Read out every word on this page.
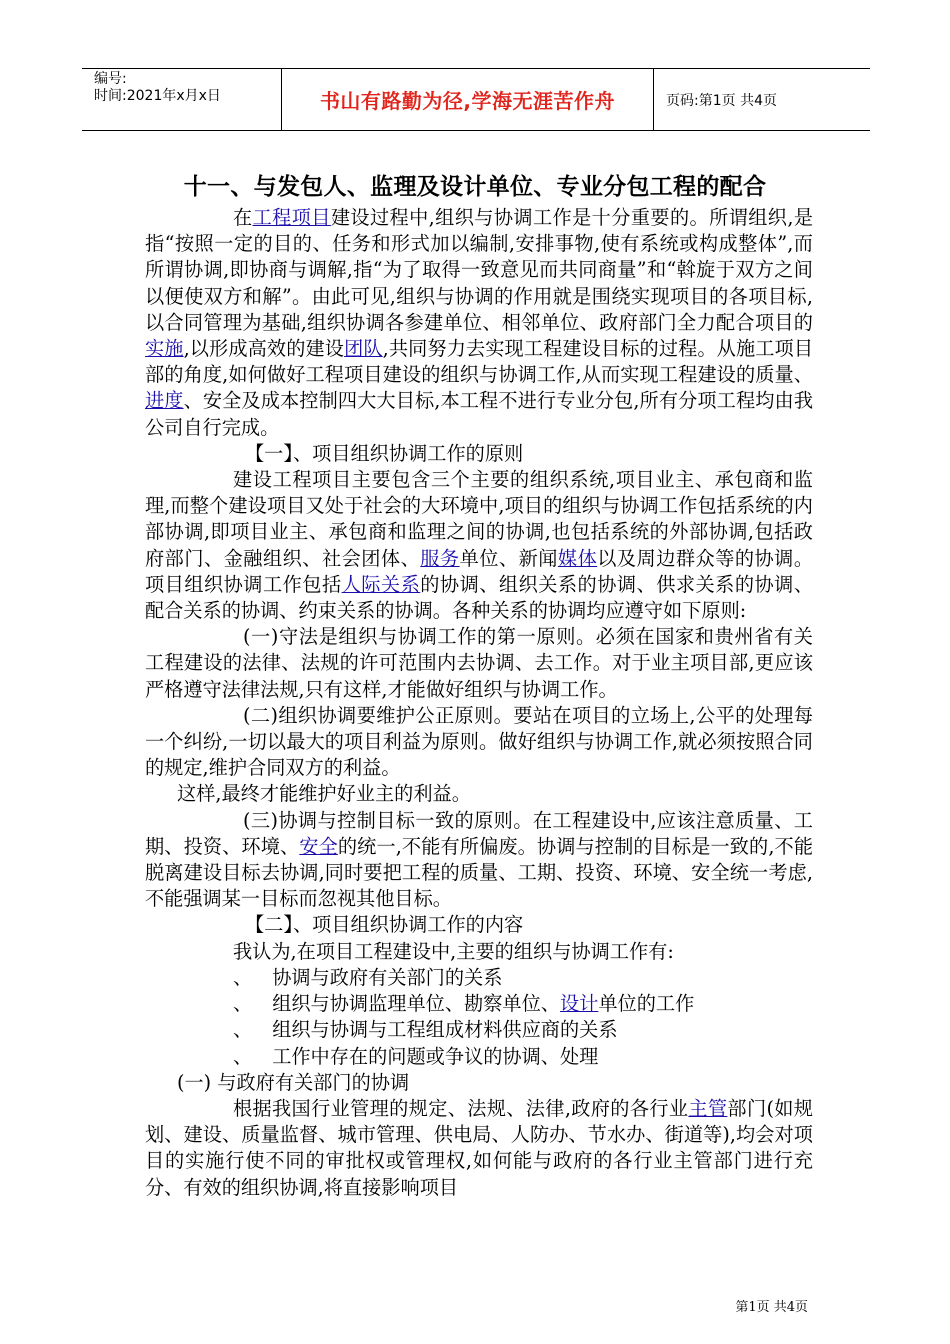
编号:
时间:2021年x月x日	书山有路勤为径,学海无涯苦作舟	页码:第1页 共4页
十一、与发包人、监理及设计单位、专业分包工程的配合

在工程项目建设过程中,组织与协调工作是十分重要的。所谓组织,是指“按照一定的目的、任务和形式加以编制,安排事物,使有系统或构成整体”,而所谓协调,即协商与调解,指“为了取得一致意见而共同商量”和“斡旋于双方之间以便使双方和解”。由此可见,组织与协调的作用就是围绕实现项目的各项目标,以合同管理为基础,组织协调各参建单位、相邻单位、政府部门全力配合项目的实施,以形成高效的建设团队,共同努力去实现工程建设目标的过程。从施工项目部的角度,如何做好工程项目建设的组织与协调工作,从而实现工程建设的质量、进度、安全及成本控制四大大目标,本工程不进行专业分包,所有分项工程均由我公司自行完成。

【一】、项目组织协调工作的原则

建设工程项目主要包含三个主要的组织系统,项目业主、承包商和监理,而整个建设项目又处于社会的大环境中,项目的组织与协调工作包括系统的内部协调,即项目业主、承包商和监理之间的协调,也包括系统的外部协调,包括政府部门、金融组织、社会团体、服务单位、新闻媒体以及周边群众等的协调。项目组织协调工作包括人际关系的协调、组织关系的协调、供求关系的协调、配合关系的协调、约束关系的协调。各种关系的协调均应遵守如下原则:

(一)守法是组织与协调工作的第一原则。必须在国家和贵州省有关工程建设的法律、法规的许可范围内去协调、去工作。对于业主项目部,更应该严格遵守法律法规,只有这样,才能做好组织与协调工作。

(二)组织协调要维护公正原则。要站在项目的立场上,公平的处理每一个纠纷,一切以最大的项目利益为原则。做好组织与协调工作,就必须按照合同的规定,维护合同双方的利益。

这样,最终才能维护好业主的利益。

(三)协调与控制目标一致的原则。在工程建设中,应该注意质量、工期、投资、环境、安全的统一,不能有所偏废。协调与控制的目标是一致的,不能脱离建设目标去协调,同时要把工程的质量、工期、投资、环境、安全统一考虑,不能强调某一目标而忽视其他目标。

【二】、项目组织协调工作的内容

我认为,在项目工程建设中,主要的组织与协调工作有:

、 协调与政府有关部门的关系

、 组织与协调监理单位、勘察单位、设计单位的工作

、 组织与协调与工程组成材料供应商的关系

、 工作中存在的问题或争议的协调、处理

(一) 与政府有关部门的协调

根据我国行业管理的规定、法规、法律,政府的各行业主管部门(如规划、建设、质量监督、城市管理、供电局、人防办、节水办、街道等),均会对项目的实施行使不同的审批权或管理权,如何能与政府的各行业主管部门进行充分、有效的组织协调,将直接影响项目

第1页 共4页
